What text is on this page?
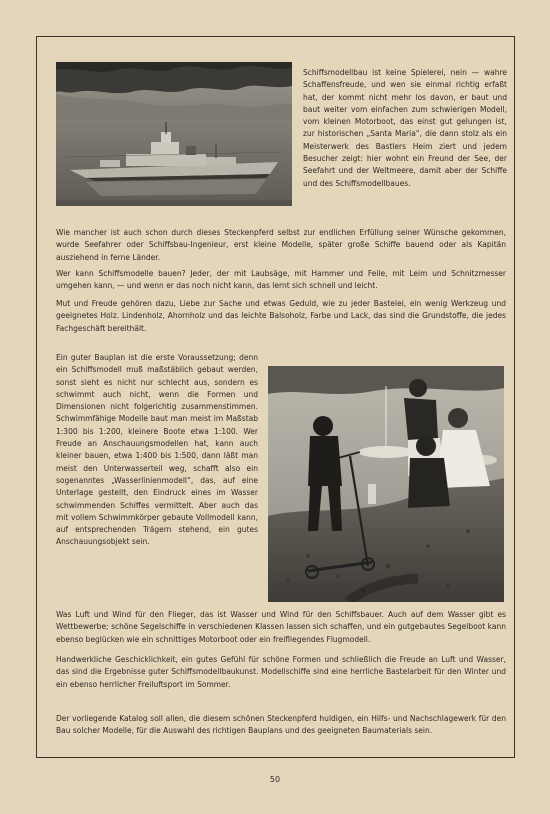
Schiffsmodellbau ist keine Spielerei, nein — wahre Schaffensfreude, und wen sie einmal richtig erfaßt hat, der kommt nicht mehr los davon, er baut und baut weiter vom einfachen zum schwierigen Modell, vom kleinen Motorboot, das einst gut gelungen ist, zur historischen „Santa Maria“, die dann stolz als ein Meisterwerk des Bastlers Heim ziert und jedem Besucher zeigt: hier wohnt ein Freund der See, der Seefahrt und der Weltmeere, damit aber der Schiffe und des Schiffsmodellbaues.

Wie mancher ist auch schon durch dieses Steckenpferd selbst zur endlichen Erfüllung seiner Wünsche gekommen, wurde Seefahrer oder Schiffsbau-Ingenieur, erst kleine Modelle, später große Schiffe bauend oder als Kapitän ausziehend in ferne Länder.

Wer kann Schiffsmodelle bauen? Jeder, der mit Laubsäge, mit Hammer und Feile, mit Leim und Schnitzmesser umgehen kann, — und wenn er das noch nicht kann, das lernt sich schnell und leicht.

Mut und Freude gehören dazu, Liebe zur Sache und etwas Geduld, wie zu jeder Bastelei, ein wenig Werkzeug und geeignetes Holz. Lindenholz, Ahornholz und das leichte Balsoholz, Farbe und Lack, das sind die Grundstoffe, die jedes Fachgeschäft bereithält.

Ein guter Bauplan ist die erste Voraussetzung; denn ein Schiffsmodell muß maßstäblich gebaut werden, sonst sieht es nicht nur schlecht aus, sondern es schwimmt auch nicht, wenn die Formen und Dimensionen nicht folgerichtig zusammenstimmen. Schwimmfähige Modelle baut man meist im Maßstab 1:300 bis 1:200, kleinere Boote etwa 1:100. Wer Freude an Anschauungsmodellen hat, kann auch kleiner bauen, etwa 1:400 bis 1:500, dann läßt man meist den Unterwasserteil weg, schafft also ein sogenanntes „Wasserlinienmodell“, das, auf eine Unterlage gestellt, den Eindruck eines im Wasser schwimmenden Schiffes vermittelt. Aber auch das mit vollem Schwimmkörper gebaute Vollmodell kann, auf entsprechenden Trägern stehend, ein gutes Anschauungsobjekt sein.

Was Luft und Wind für den Flieger, das ist Wasser und Wind für den Schiffsbauer. Auch auf dem Wasser gibt es Wettbewerbe; schöne Segelschiffe in verschiedenen Klassen lassen sich schaffen, und ein gutgebautes Segelboot kann ebenso beglücken wie ein schnittiges Motorboot oder ein freifliegendes Flugmodell.

Handwerkliche Geschicklichkeit, ein gutes Gefühl für schöne Formen und schließlich die Freude an Luft und Wasser, das sind die Ergebnisse guter Schiffsmodellbaukunst. Modellschiffe sind eine herrliche Bastelarbeit für den Winter und ein ebenso herrlicher Freiluftsport im Sommer.

Der vorliegende Katalog soll allen, die diesem schönen Steckenpferd huldigen, ein Hilfs- und Nachschlagewerk für den Bau solcher Modelle, für die Auswahl des richtigen Bauplans und des geeigneten Baumaterials sein.

50
